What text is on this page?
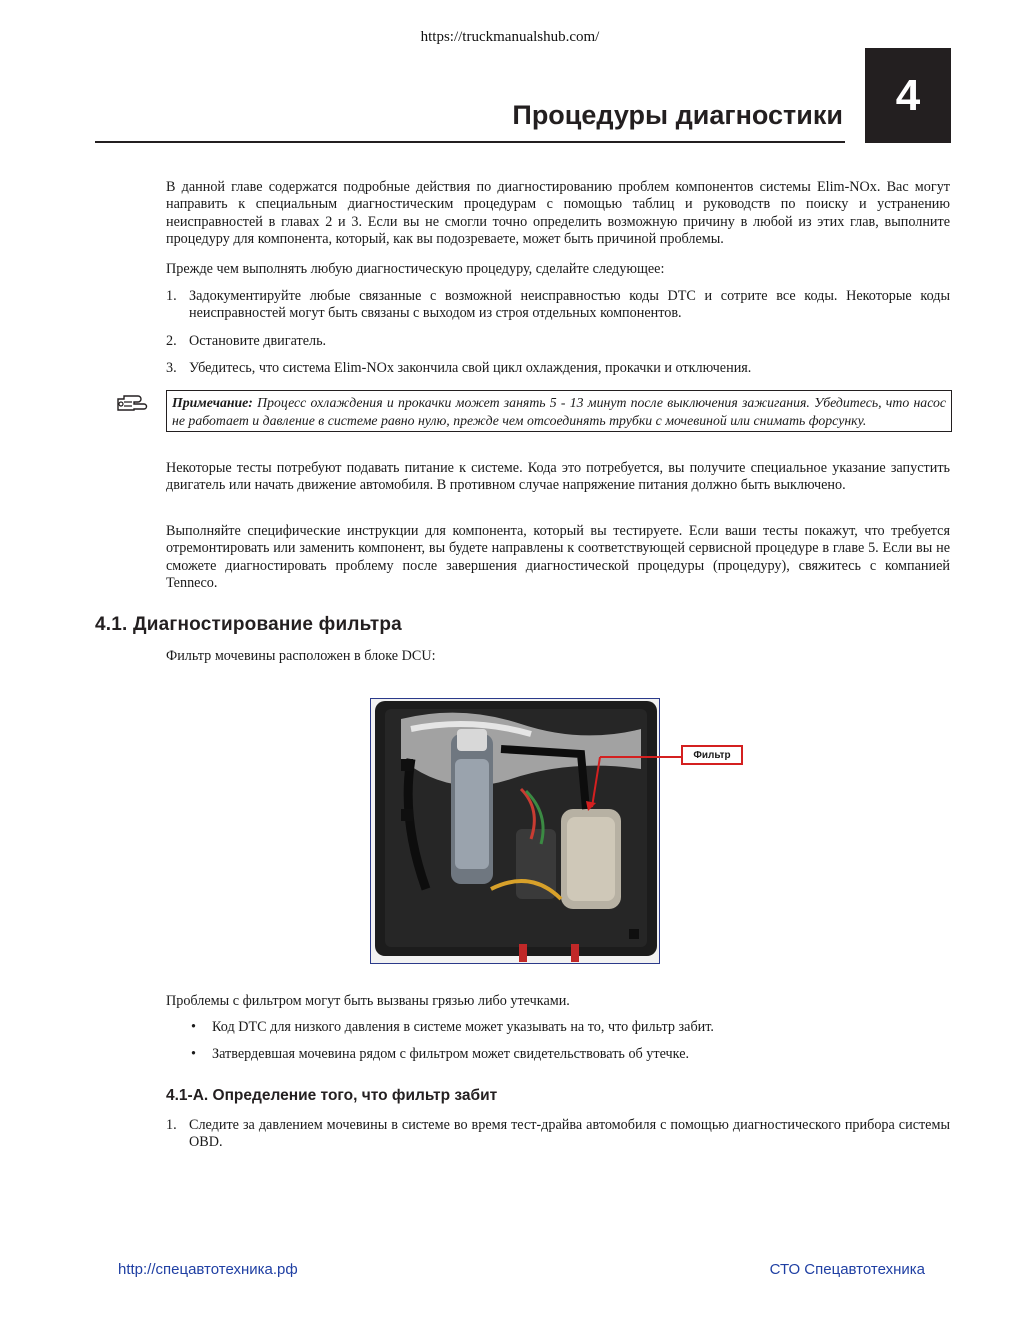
https://truckmanualshub.com/
Процедуры диагностики 4

В данной главе содержатся подробные действия по диагностированию проблем компонентов системы Elim-NOx. Вас могут направить к специальным диагностическим процедурам с помощью таблиц и руководств по поиску и устранению неисправностей в главах 2 и 3. Если вы не смогли точно определить возможную причину в любой из этих глав, выполните процедуру для компонента, который, как вы подозреваете, может быть причиной проблемы.

Прежде чем выполнять любую диагностическую процедуру, сделайте следующее:

1. Задокументируйте любые связанные с возможной неисправностью коды DTC и сотрите все коды. Некоторые коды неисправностей могут быть связаны с выходом из строя отдельных компонентов.
2. Остановите двигатель.
3. Убедитесь, что система Elim-NOx закончила свой цикл охлаждения, прокачки и отключения.
Примечание: Процесс охлаждения и прокачки может занять 5 - 13 минут после выключения зажигания. Убедитесь, что насос не работает и давление в системе равно нулю, прежде чем отсоединять трубки с мочевиной или снимать форсунку.

Некоторые тесты потребуют подавать питание к системе. Кода это потребуется, вы получите специальное указание запустить двигатель или начать движение автомобиля. В противном случае напряжение питания должно быть выключено.

Выполняйте специфические инструкции для компонента, который вы тестируете. Если ваши тесты покажут, что требуется отремонтировать или заменить компонент, вы будете направлены к соответствующей сервисной процедуре в главе 5. Если вы не сможете диагностировать проблему после завершения диагностической процедуры (процедуру), свяжитесь с компанией Tenneco.

4.1. Диагностирование фильтра

Фильтр мочевины расположен в блоке DCU:

Фильтр

Проблемы с фильтром могут быть вызваны грязью либо утечками.

• Код DTC для низкого давления в системе может указывать на то, что фильтр забит.
• Затвердевшая мочевина рядом с фильтром может свидетельствовать об утечке.
4.1-A. Определение того, что фильтр забит
1. Следите за давлением мочевины в системе во время тест-драйва автомобиля с помощью диагностического прибора системы OBD.
http://спецавтотехника.рф	СТО Спецавтотехника
